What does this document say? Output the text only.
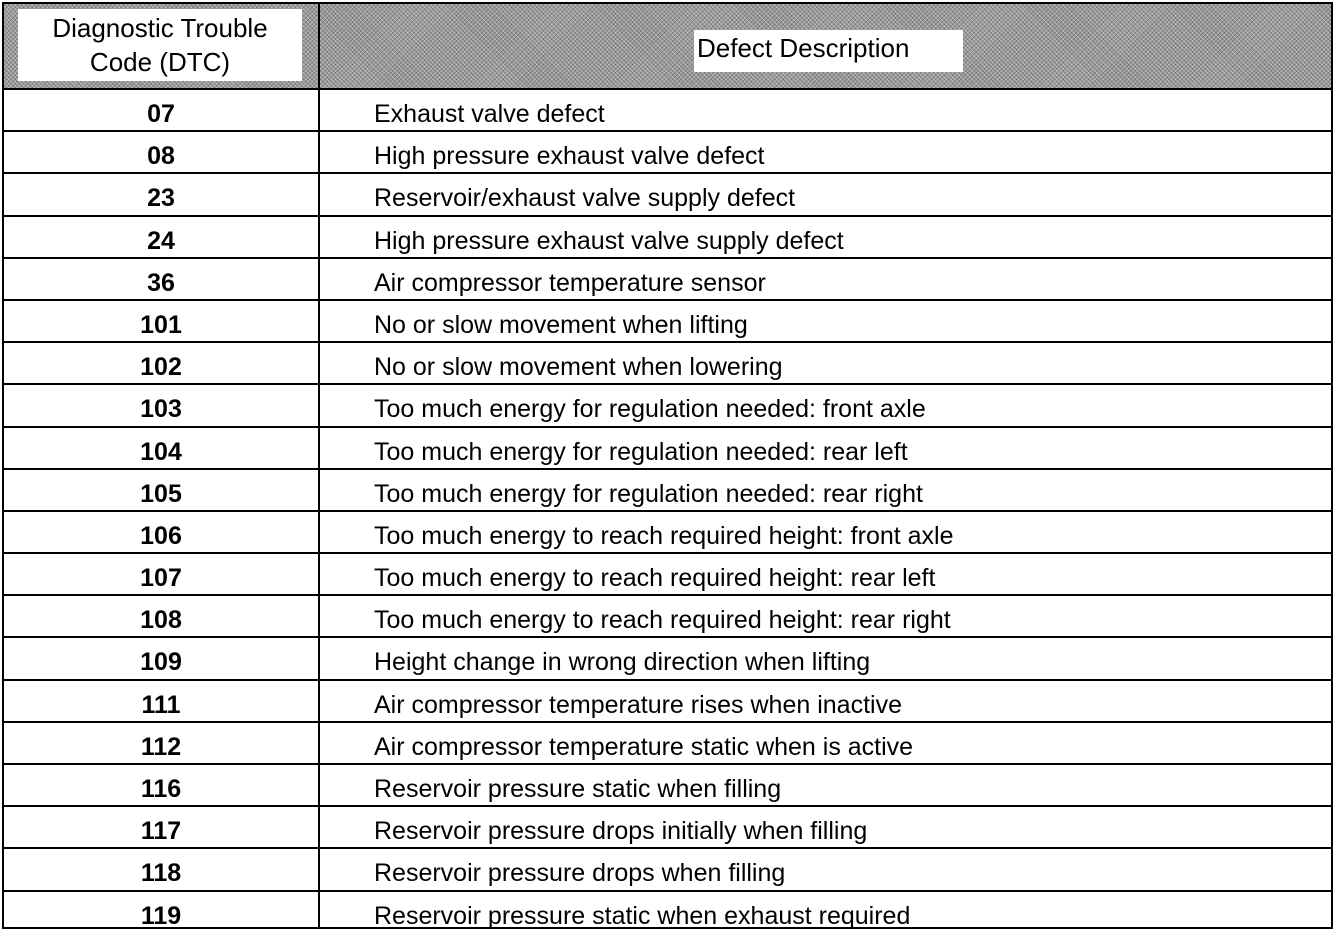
Diagnostic Trouble
Code (DTC)	Defect Description
07	Exhaust valve defect
08	High pressure exhaust valve defect
23	Reservoir/exhaust valve supply defect
24	High pressure exhaust valve supply defect
36	Air compressor temperature sensor
101	No or slow movement when lifting
102	No or slow movement when lowering
103	Too much energy for regulation needed: front axle
104	Too much energy for regulation needed: rear left
105	Too much energy for regulation needed: rear right
106	Too much energy to reach required height: front axle
107	Too much energy to reach required height: rear left
108	Too much energy to reach required height: rear right
109	Height change in wrong direction when lifting
111	Air compressor temperature rises when inactive
112	Air compressor temperature static when is active
116	Reservoir pressure static when filling
117	Reservoir pressure drops initially when filling
118	Reservoir pressure drops when filling
119	Reservoir pressure static when exhaust required
